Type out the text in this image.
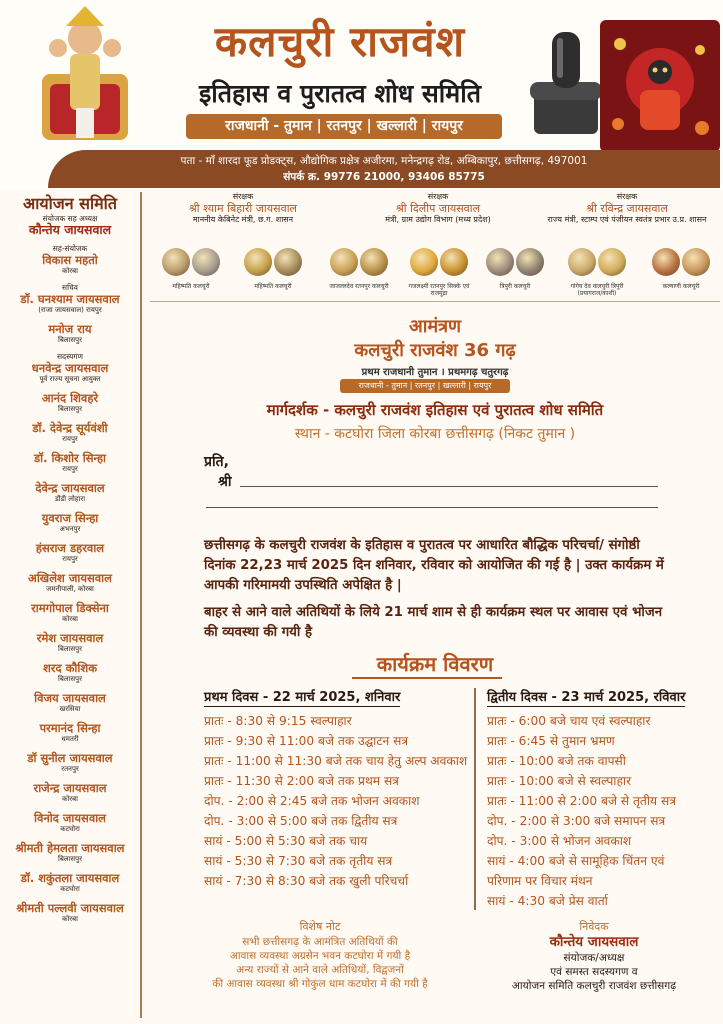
कलचुरी राजवंश
इतिहास व पुरातत्व शोध समिति
राजधानी - तुमान | रतनपुर | खल्लारी | रायपुर
पता - माँ शारदा फूड प्रोडक्ट्स, औद्योगिक प्रक्षेत्र अजीरमा, मनेन्द्रगढ़ रोड, अम्बिकापुर, छत्तीसगढ़, 497001
संपर्क क्र. 99776 21000, 93406 85775
आयोजन समिति
संयोजक सह अध्यक्ष
कौन्तेय जायसवाल
सह-संयोजक
विकास महतो
कोरबा
सचिव
डॉ. घनश्याम जायसवाल
(राजा जायसवाल) रायपुर
मनोज राय
बिलासपुर
सदस्यगण
धनवेन्द्र जायसवाल
पूर्व राज्य सूचना आयुक्त
आनंद शिवहरे
बिलासपुर
डॉ. देवेन्द्र सूर्यवंशी
रायपुर
डॉ. किशोर सिन्हा
रायपुर
देवेन्द्र जायसवाल
डौंडी लोहारा
युवराज सिन्हा
अभनपुर
हंसराज डहरवाल
रायपुर
अखिलेश जायसवाल
जमनीपाली, कोरबा
रामगोपाल डिक्सेना
कोरबा
रमेश जायसवाल
बिलासपुर
शरद कौशिक
बिलासपुर
विजय जायसवाल
खरसिया
परमानंद सिन्हा
धमतरी
डॉ सुनील जायसवाल
रतनपुर
राजेन्द्र जायसवाल
कोरबा
विनोद जायसवाल
कटघोरा
श्रीमती हेमलता जायसवाल
बिलासपुर
डॉ. शकुंतला जायसवाल
कटघोरा
श्रीमती पल्लवी जायसवाल
कोरबा
संरक्षक
श्री श्याम बिहारी जायसवाल
माननीय केबिनेट मंत्री, छ.ग. शासन
संरक्षक
श्री दिलीप जायसवाल
मंत्री, ग्राम उद्योग विभाग (मध्य प्रदेश)
संरक्षक
श्री रविन्द्र जायसवाल
राज्य मंत्री, स्टाम्प एवं पंजीयन स्वतंत्र प्रभार उ.प्र. शासन
महिष्मति कलचुरी	महिष्मति कलचुरी	जाजल्लदेव रतनपुर कलचुरी	गजलक्ष्मी रतनपुर सिक्के एवं राजमुद्रा
त्रिपुरी कलचुरी	गांगेय देव कलचुरी त्रिपुरी (प्रयागराज/काशी)
कल्याणी कलचुरी
आमंत्रण
कलचुरी राजवंश 36 गढ़
प्रथम राजधानी तुमान । प्रथमगढ़ चतुरगढ़
राजधानी - तुमान | रतनपुर | खल्लारी | रायपुर
मार्गदर्शक - कलचुरी राजवंश इतिहास एवं पुरातत्व शोध समिति
स्थान - कटघोरा जिला कोरबा छत्तीसगढ़ (निकट तुमान )
प्रति,
श्री
छत्तीसगढ़ के कलचुरी राजवंश के इतिहास व पुरातत्व पर आधारित बौद्धिक परिचर्चा/ संगोष्ठी दिनांक 22,23 मार्च 2025 दिन शनिवार, रविवार को आयोजित की गई है | उक्त कार्यक्रम में आपकी गरिमामयी उपस्थिति अपेक्षित है |
बाहर से आने वाले अतिथियों के लिये 21 मार्च शाम से ही कार्यक्रम स्थल पर आवास एवं भोजन की व्यवस्था की गयी है
कार्यक्रम विवरण
प्रथम दिवस - 22 मार्च 2025, शनिवार
प्रातः - 8:30 से 9:15 स्वल्पाहार
प्रातः - 9:30 से 11:00 बजे तक उद्घाटन सत्र
प्रातः - 11:00 से 11:30 बजे तक चाय हेतु अल्प अवकाश
प्रातः - 11:30 से 2:00 बजे तक प्रथम सत्र
दोप. - 2:00 से 2:45 बजे तक भोजन अवकाश
दोप. - 3:00 से 5:00 बजे तक द्वितीय सत्र
सायं - 5:00 से 5:30 बजे तक चाय
सायं - 5:30 से 7:30 बजे तक तृतीय सत्र
सायं - 7:30 से 8:30 बजे तक खुली परिचर्चा
द्वितीय दिवस - 23 मार्च 2025, रविवार
प्रातः - 6:00 बजे चाय एवं स्वल्पाहार
प्रातः - 6:45 से तुमान भ्रमण
प्रातः - 10:00 बजे तक वापसी
प्रातः - 10:00 बजे से स्वल्पाहार
प्रातः - 11:00 से 2:00 बजे से तृतीय सत्र
दोप. - 2:00 से 3:00 बजे समापन सत्र
दोप. - 3:00 से भोजन अवकाश
सायं - 4:00 बजे से सामूहिक चिंतन एवं
परिणाम पर विचार मंथन
सायं - 4:30 बजे प्रेस वार्ता
विशेष नोट
सभी छत्तीसगढ़ के आमंत्रित अतिथियों की
आवास व्यवस्था अग्रसेन भवन कटघोरा में गयी है
अन्य राज्यों से आने वाले अतिथियों, विद्वजनों
की आवास व्यवस्था श्री गोकुल धाम कटघोरा में की गयी है
निवेदक
कौन्तेय जायसवाल
संयोजक/अध्यक्ष
एवं समस्त सदस्यगण व
आयोजन समिति कलचुरी राजवंश छत्तीसगढ़
